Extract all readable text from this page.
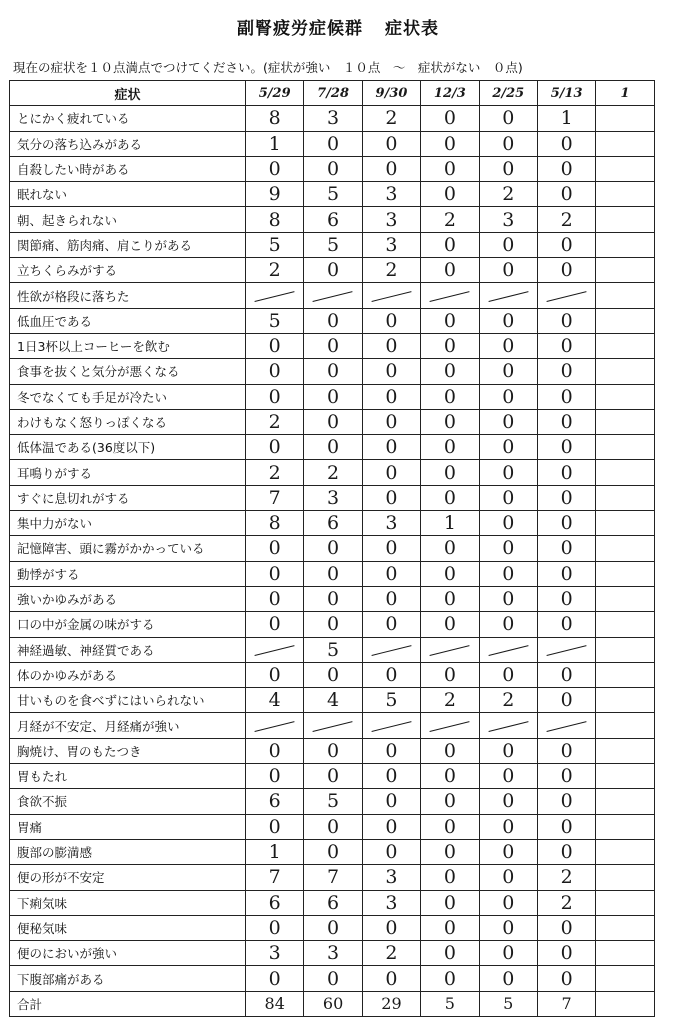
副腎疲労症候群 症状表
現在の症状を１０点満点でつけてください。(症状が強い　１０点　～　症状がない　０点)
症状	5/29	7/28	9/30	12/3	2/25	5/13	1
とにかく疲れている	8	3	2	0	0	1	
気分の落ち込みがある	1	0	0	0	0	0	
自殺したい時がある	0	0	0	0	0	0	
眠れない	9	5	3	0	2	0	
朝、起きられない	8	6	3	2	3	2	
関節痛、筋肉痛、肩こりがある	5	5	3	0	0	0	
立ちくらみがする	2	0	2	0	0	0	
性欲が格段に落ちた							
低血圧である	5	0	0	0	0	0	
1日3杯以上コーヒーを飲む	0	0	0	0	0	0	
食事を抜くと気分が悪くなる	0	0	0	0	0	0	
冬でなくても手足が冷たい	0	0	0	0	0	0	
わけもなく怒りっぽくなる	2	0	0	0	0	0	
低体温である(36度以下)	0	0	0	0	0	0	
耳鳴りがする	2	2	0	0	0	0	
すぐに息切れがする	7	3	0	0	0	0	
集中力がない	8	6	3	1	0	0	
記憶障害、頭に霧がかかっている	0	0	0	0	0	0	
動悸がする	0	0	0	0	0	0	
強いかゆみがある	0	0	0	0	0	0	
口の中が金属の味がする	0	0	0	0	0	0	
神経過敏、神経質である		5					
体のかゆみがある	0	0	0	0	0	0	
甘いものを食べずにはいられない	4	4	5	2	2	0	
月経が不安定、月経痛が強い							
胸焼け、胃のもたつき	0	0	0	0	0	0	
胃もたれ	0	0	0	0	0	0	
食欲不振	6	5	0	0	0	0	
胃痛	0	0	0	0	0	0	
腹部の膨満感	1	0	0	0	0	0	
便の形が不安定	7	7	3	0	0	2	
下痢気味	6	6	3	0	0	2	
便秘気味	0	0	0	0	0	0	
便のにおいが強い	3	3	2	0	0	0	
下腹部痛がある	0	0	0	0	0	0	
合計	84	60	29	5	5	7	
